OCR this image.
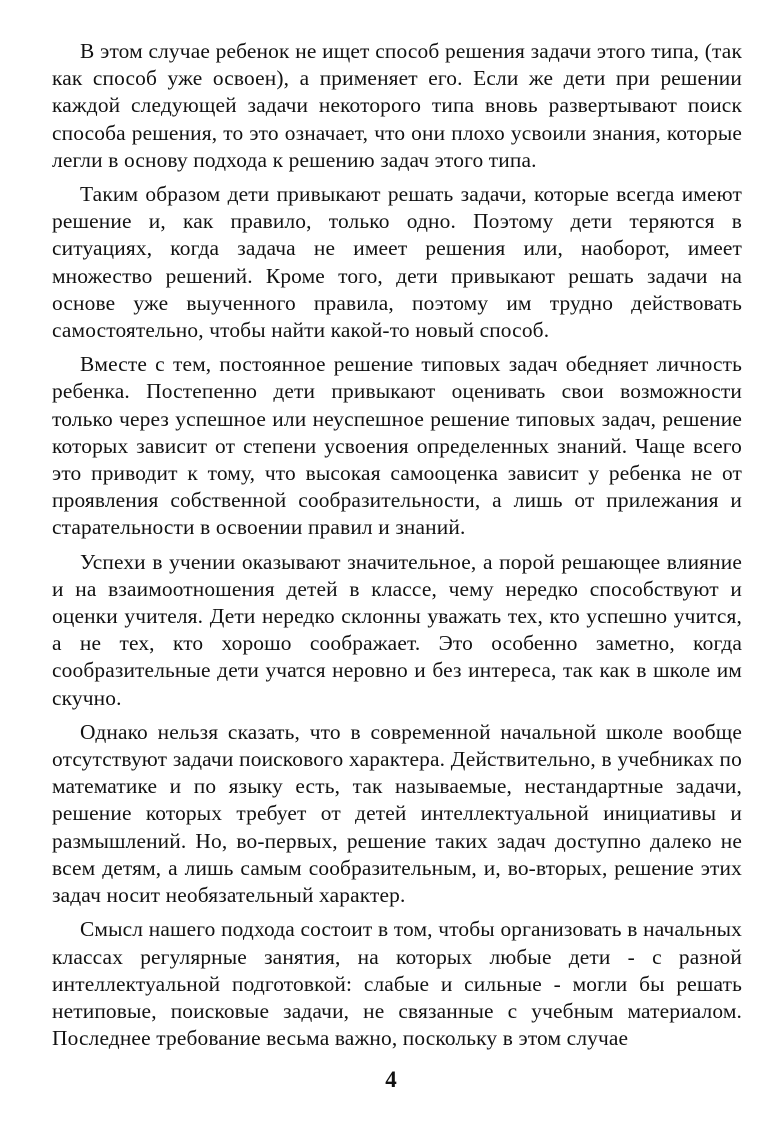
В этом случае ребенок не ищет способ решения задачи этого типа, (так как способ уже освоен), а применяет его. Если же дети при решении каждой следующей задачи некоторого типа вновь развертывают поиск способа решения, то это означает, что они плохо усвоили знания, которые легли в основу подхода к решению задач этого типа.

Таким образом дети привыкают решать задачи, которые всегда имеют решение и, как правило, только одно. Поэтому дети теряются в ситуациях, когда задача не имеет решения или, наоборот, имеет множество решений. Кроме того, дети привыкают решать задачи на основе уже выученного правила, поэтому им трудно действовать самостоятельно, чтобы найти какой-то новый способ.

Вместе с тем, постоянное решение типовых задач обедняет личность ребенка. Постепенно дети привыкают оценивать свои возможности только через успешное или неуспешное решение типовых задач, решение которых зависит от степени усвоения определенных знаний. Чаще всего это приводит к тому, что высокая самооценка зависит у ребенка не от проявления собственной сообразительности, а лишь от прилежания и старательности в освоении правил и знаний.

Успехи в учении оказывают значительное, а порой решающее влияние и на взаимоотношения детей в классе, чему нередко способствуют и оценки учителя. Дети нередко склонны уважать тех, кто успешно учится, а не тех, кто хорошо соображает. Это особенно заметно, когда сообразительные дети учатся неровно и без интереса, так как в школе им скучно.

Однако нельзя сказать, что в современной начальной школе вообще отсутствуют задачи поискового характера. Действительно, в учебниках по математике и по языку есть, так называемые, нестандартные задачи, решение которых требует от детей интеллектуальной инициативы и размышлений. Но, во-первых, решение таких задач доступно далеко не всем детям, а лишь самым сообразительным, и, во-вторых, решение этих задач носит необязательный характер.

Смысл нашего подхода состоит в том, чтобы организовать в начальных классах регулярные занятия, на которых любые дети - с разной интеллектуальной подготовкой: слабые и сильные - могли бы решать нетиповые, поисковые задачи, не связанные с учебным материалом. Последнее требование весьма важно, поскольку в этом случае

4
